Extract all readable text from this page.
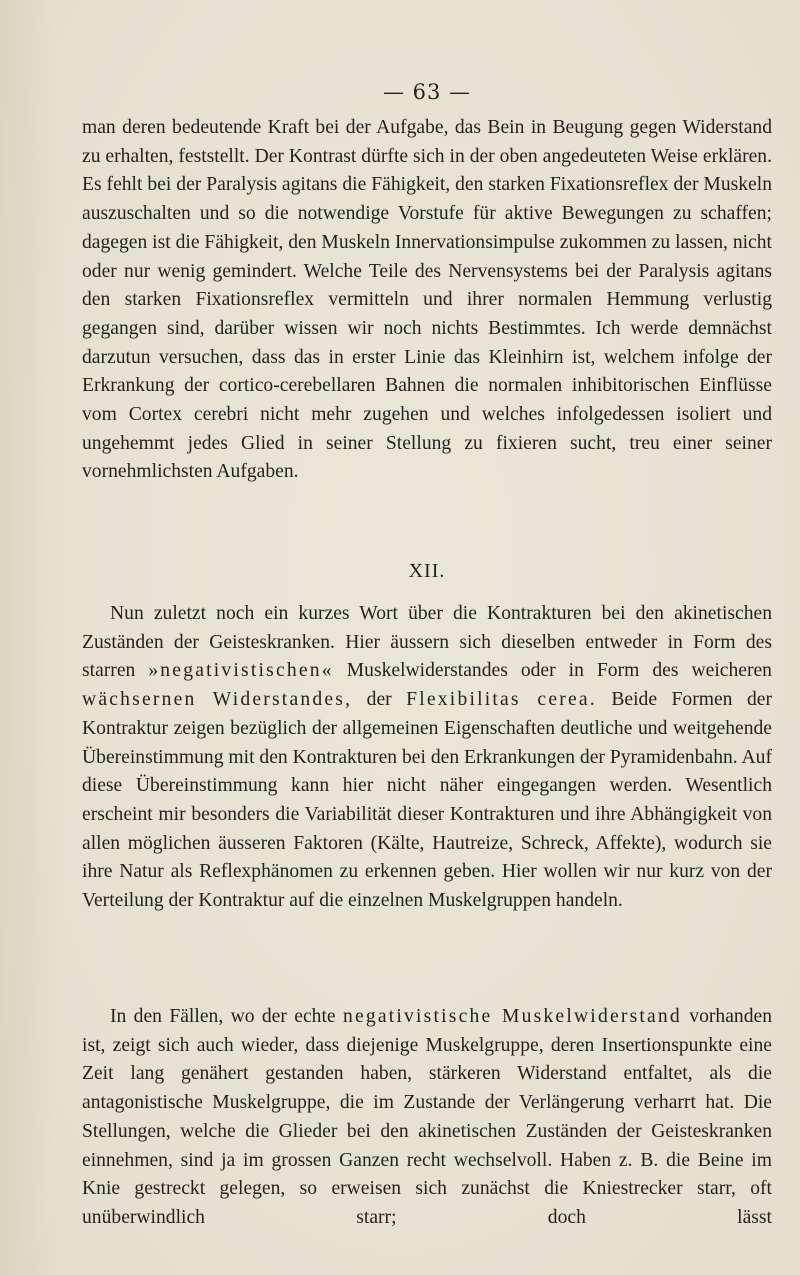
— 63 —

man deren bedeutende Kraft bei der Aufgabe, das Bein in Beugung gegen Widerstand zu erhalten, feststellt. Der Kontrast dürfte sich in der oben angedeuteten Weise erklären. Es fehlt bei der Paralysis agitans die Fähigkeit, den starken Fixationsreflex der Muskeln auszuschalten und so die notwendige Vorstufe für aktive Bewegungen zu schaffen; dagegen ist die Fähigkeit, den Muskeln Innervationsimpulse zukommen zu lassen, nicht oder nur wenig gemindert. Welche Teile des Nervensystems bei der Paralysis agitans den starken Fixationsreflex vermitteln und ihrer normalen Hemmung verlustig gegangen sind, darüber wissen wir noch nichts Bestimmtes. Ich werde demnächst darzutun versuchen, dass das in erster Linie das Kleinhirn ist, welchem infolge der Erkrankung der cortico-cerebellaren Bahnen die normalen inhibitorischen Einflüsse vom Cortex cerebri nicht mehr zugehen und welches infolgedessen isoliert und ungehemmt jedes Glied in seiner Stellung zu fixieren sucht, treu einer seiner vornehmlichsten Aufgaben.

XII.

Nun zuletzt noch ein kurzes Wort über die Kontrakturen bei den akinetischen Zuständen der Geisteskranken. Hier äussern sich dieselben entweder in Form des starren »negativistischen« Muskelwiderstandes oder in Form des weicheren wächsernen Widerstandes, der Flexibilitas cerea. Beide Formen der Kontraktur zeigen bezüglich der allgemeinen Eigenschaften deutliche und weitgehende Übereinstimmung mit den Kontrakturen bei den Erkrankungen der Pyramidenbahn. Auf diese Übereinstimmung kann hier nicht näher eingegangen werden. Wesentlich erscheint mir besonders die Variabilität dieser Kontrakturen und ihre Abhängigkeit von allen möglichen äusseren Faktoren (Kälte, Hautreize, Schreck, Affekte), wodurch sie ihre Natur als Reflexphänomen zu erkennen geben. Hier wollen wir nur kurz von der Verteilung der Kontraktur auf die einzelnen Muskelgruppen handeln.

In den Fällen, wo der echte negativistische Muskelwiderstand vorhanden ist, zeigt sich auch wieder, dass diejenige Muskelgruppe, deren Insertionspunkte eine Zeit lang genähert gestanden haben, stärkeren Widerstand entfaltet, als die antagonistische Muskelgruppe, die im Zustande der Verlängerung verharrt hat. Die Stellungen, welche die Glieder bei den akinetischen Zuständen der Geisteskranken einnehmen, sind ja im grossen Ganzen recht wechselvoll. Haben z. B. die Beine im Knie gestreckt gelegen, so erweisen sich zunächst die Kniestrecker starr, oft unüberwindlich starr; doch lässt
